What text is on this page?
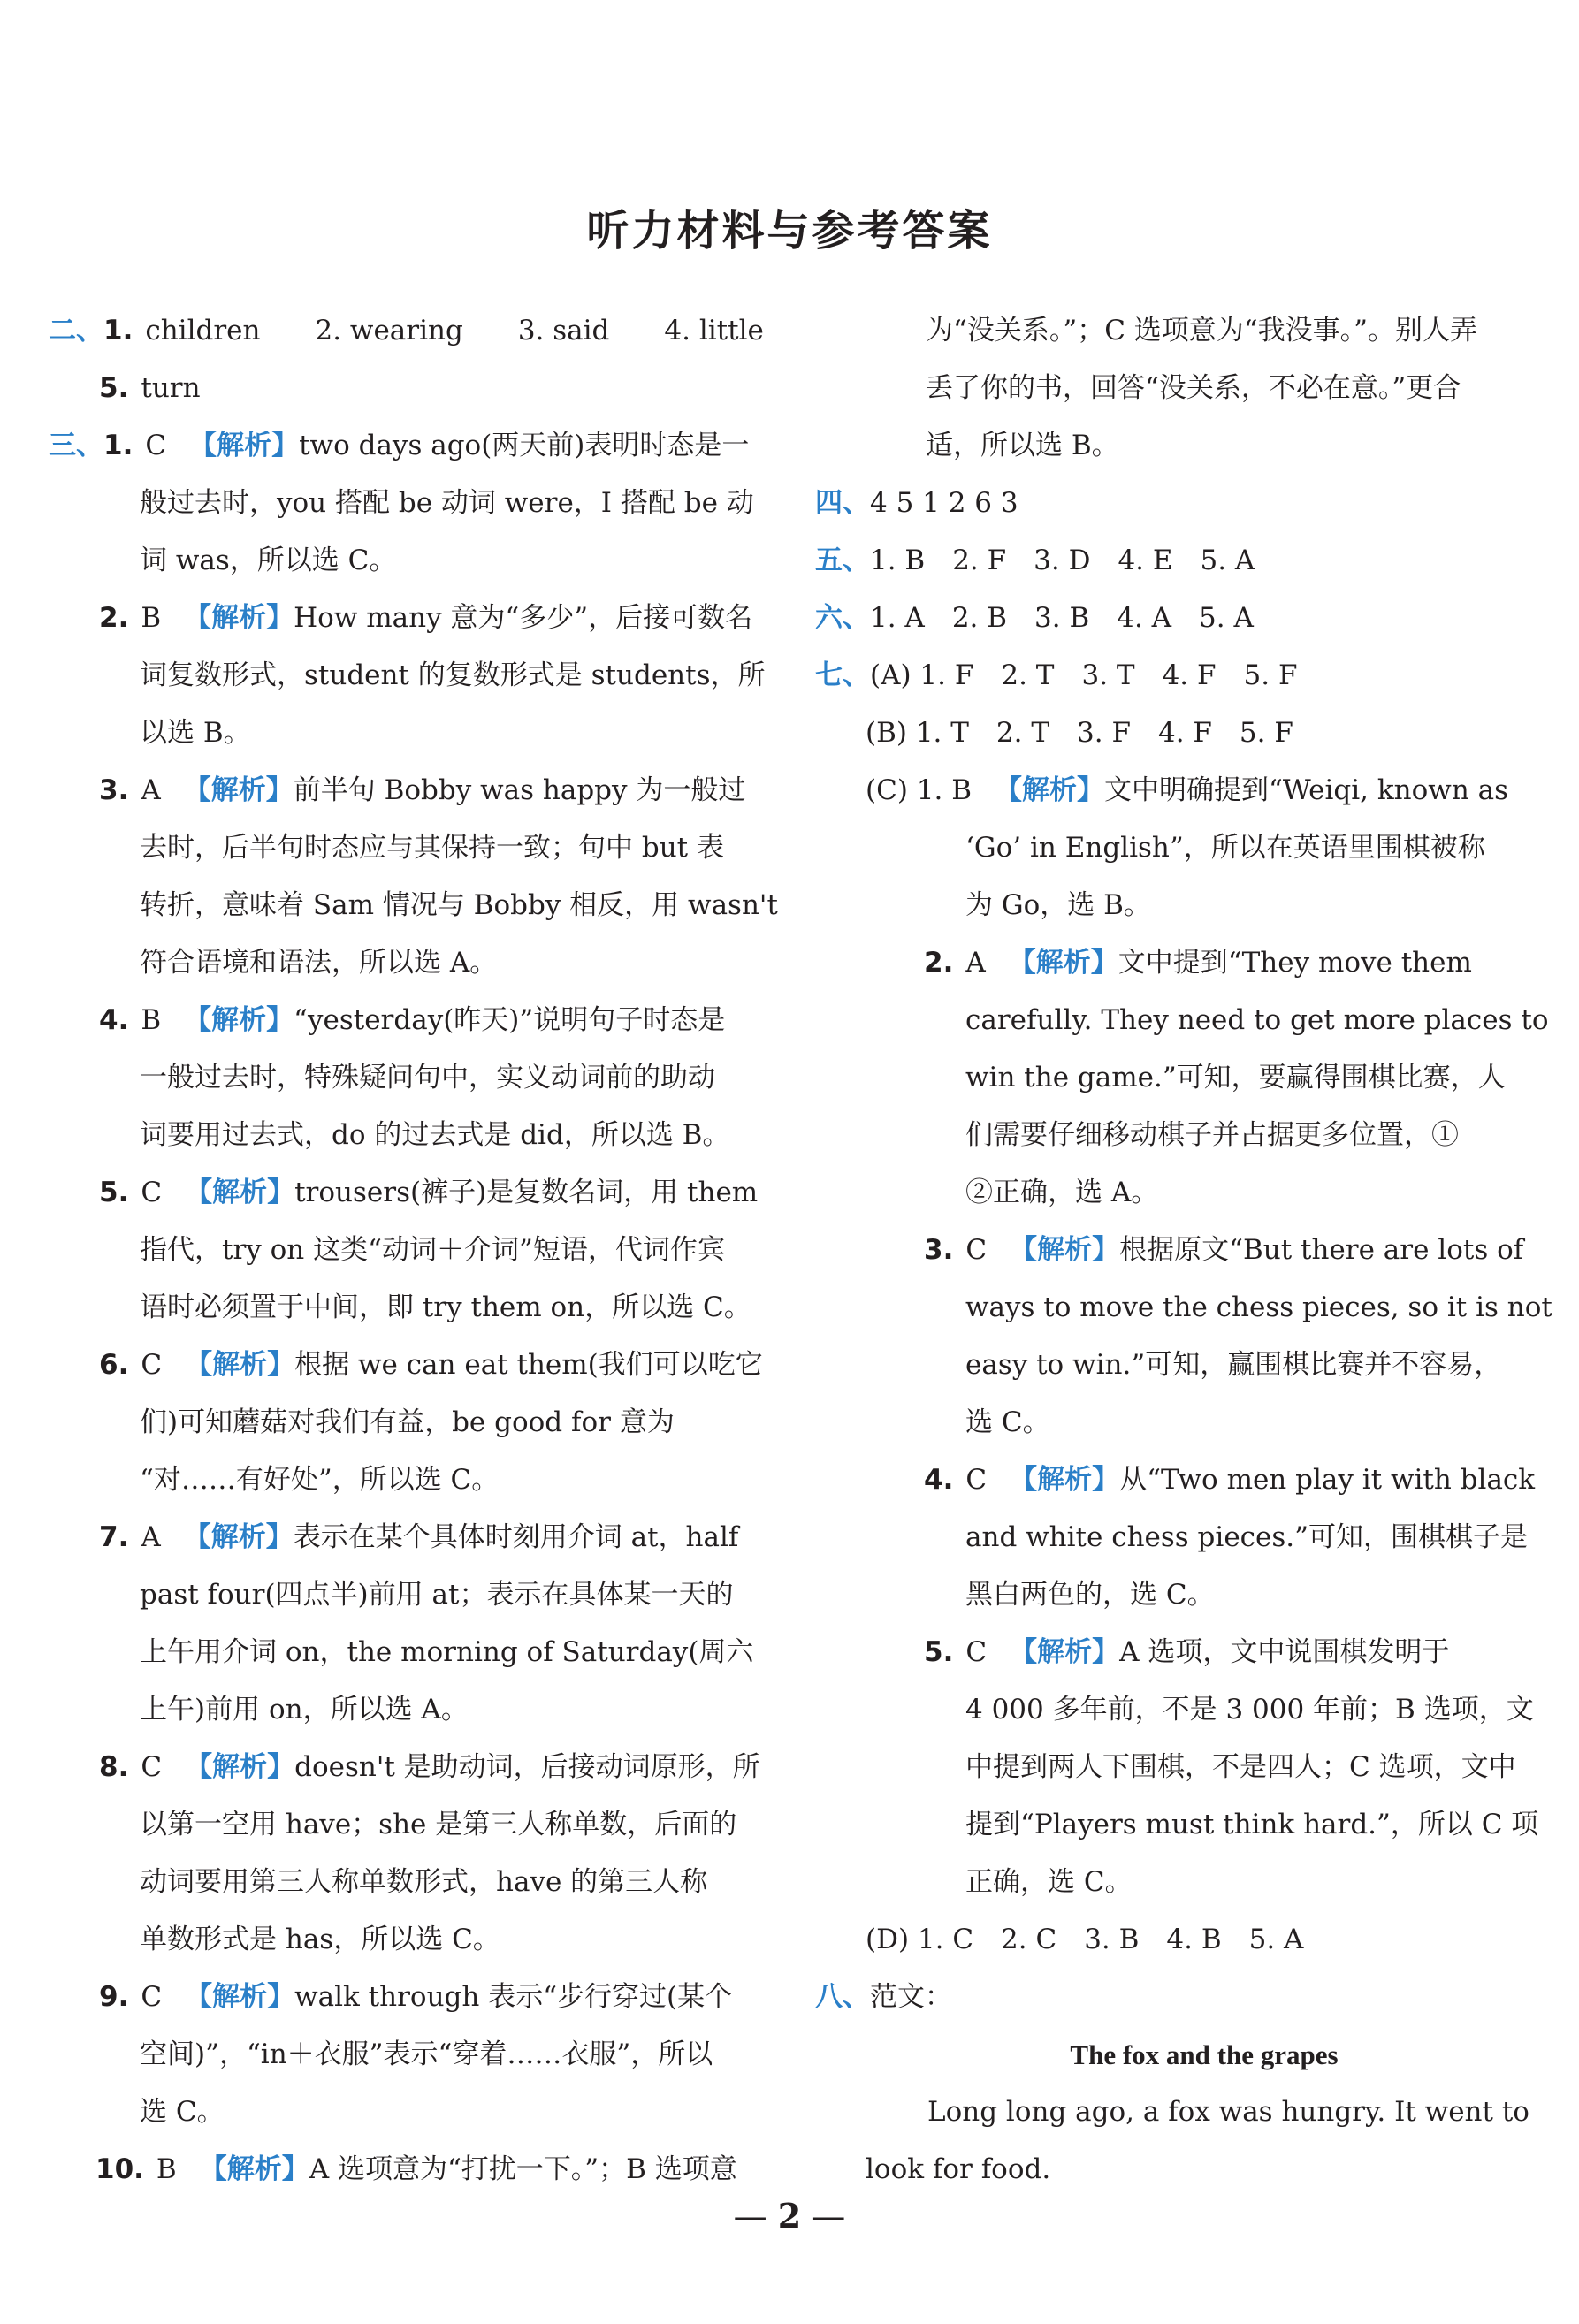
听力材料与参考答案
二、1. children　　2. wearing　　3. said　　4. little
5. turn
三、1. C 【解析】two days ago(两天前)表明时态是一
般过去时，you 搭配 be 动词 were，I 搭配 be 动
词 was，所以选 C。
2. B 【解析】How many 意为“多少”，后接可数名
词复数形式，student 的复数形式是 students，所
以选 B。
3. A 【解析】前半句 Bobby was happy 为一般过
去时，后半句时态应与其保持一致；句中 but 表
转折，意味着 Sam 情况与 Bobby 相反，用 wasn't
符合语境和语法，所以选 A。
4. B 【解析】“yesterday(昨天)”说明句子时态是
一般过去时，特殊疑问句中，实义动词前的助动
词要用过去式，do 的过去式是 did，所以选 B。
5. C 【解析】trousers(裤子)是复数名词，用 them
指代，try on 这类“动词＋介词”短语，代词作宾
语时必须置于中间，即 try them on，所以选 C。
6. C 【解析】根据 we can eat them(我们可以吃它
们)可知蘑菇对我们有益，be good for 意为
“对……有好处”，所以选 C。
7. A 【解析】表示在某个具体时刻用介词 at，half
past four(四点半)前用 at；表示在具体某一天的
上午用介词 on，the morning of Saturday(周六
上午)前用 on，所以选 A。
8. C 【解析】doesn't 是助动词，后接动词原形，所
以第一空用 have；she 是第三人称单数，后面的
动词要用第三人称单数形式，have 的第三人称
单数形式是 has，所以选 C。
9. C 【解析】walk through 表示“步行穿过(某个
空间)”，“in＋衣服”表示“穿着……衣服”，所以
选 C。
10. B 【解析】A 选项意为“打扰一下。”；B 选项意
为“没关系。”；C 选项意为“我没事。”。别人弄
丢了你的书，回答“没关系，不必在意。”更合
适，所以选 B。
四、4 5 1 2 6 3
五、1. B　2. F　3. D　4. E　5. A
六、1. A　2. B　3. B　4. A　5. A
七、(A) 1. F　2. T　3. T　4. F　5. F
(B) 1. T　2. T　3. F　4. F　5. F
(C) 1. B 【解析】文中明确提到“Weiqi, known as
‘Go’ in English”，所以在英语里围棋被称
为 Go，选 B。
2. A 【解析】文中提到“They move them
carefully. They need to get more places to
win the game.”可知，要赢得围棋比赛，人
们需要仔细移动棋子并占据更多位置，①
②正确，选 A。
3. C 【解析】根据原文“But there are lots of
ways to move the chess pieces, so it is not
easy to win.”可知，赢围棋比赛并不容易，
选 C。
4. C 【解析】从“Two men play it with black
and white chess pieces.”可知，围棋棋子是
黑白两色的，选 C。
5. C 【解析】A 选项，文中说围棋发明于
4 000 多年前，不是 3 000 年前；B 选项，文
中提到两人下围棋，不是四人；C 选项，文中
提到“Players must think hard.”，所以 C 项
正确，选 C。
(D) 1. C　2. C　3. B　4. B　5. A
八、范文：
The fox and the grapes
Long long ago, a fox was hungry. It went to
look for food.
— 2 —
